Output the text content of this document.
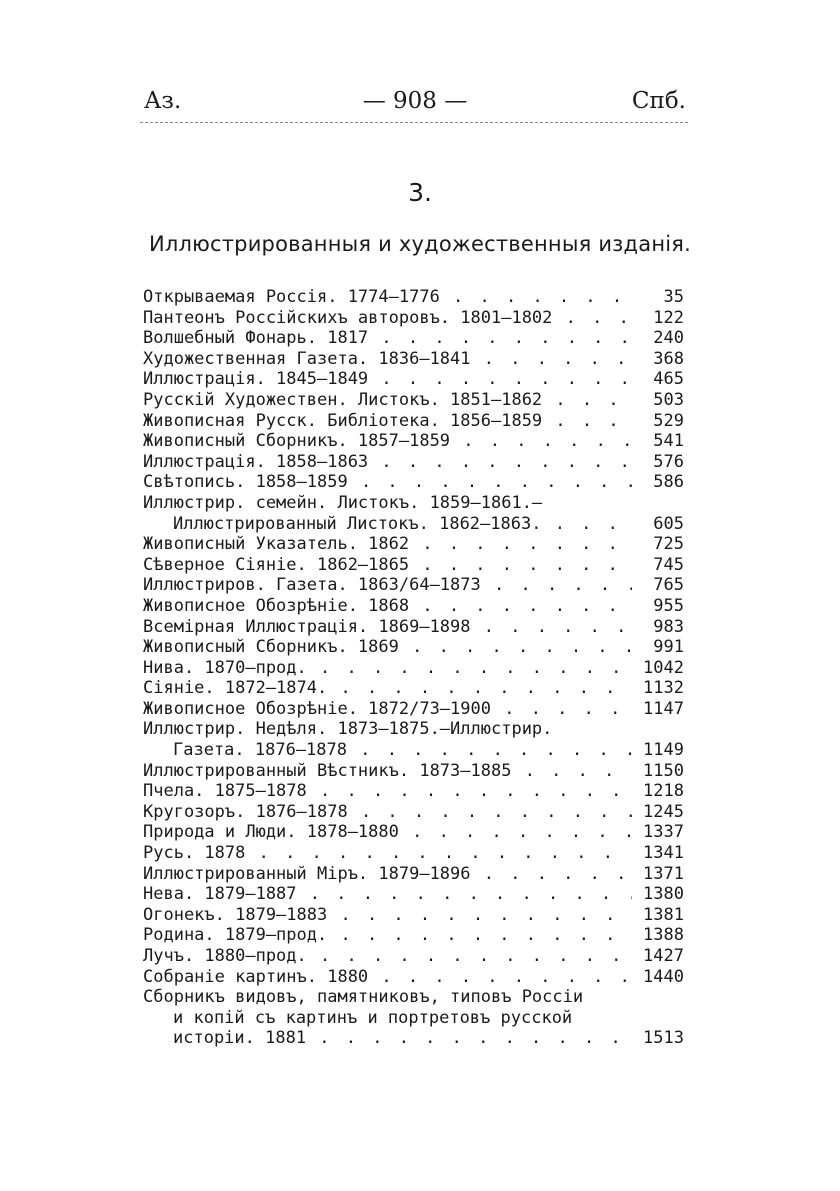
Аз.	— 908 —	Спб.
3.
Иллюстрированныя и художественныя изданія.
Открываемая Россія. 1774—1776 . . .	35
Пантеонъ Россійскихъ авторовъ. 1801—1802 . . .	122
Волшебный Фонарь. 1817 . . .	240
Художественная Газета. 1836—1841 . . .	368
Иллюстрація. 1845—1849 . . .	465
Русскій Художествен. Листокъ. 1851—1862 . . .	503
Живописная Русск. Библіотека. 1856—1859 . . .	529
Живописный Сборникъ. 1857—1859 . . .	541
Иллюстрація. 1858—1863 . . .	576
Свѣтопись. 1858—1859 . . .	586
Иллюстрир. семейн. Листокъ. 1859—1861.—
Иллюстрированный Листокъ. 1862—1863. . . .	605
Живописный Указатель. 1862 . . .	725
Сѣверное Сіяніе. 1862—1865 . . .	745
Иллюстриров. Газета. 1863/64—1873 . . .	765
Живописное Обозрѣніе. 1868 . . .	955
Всемірная Иллюстрація. 1869—1898 . . .	983
Живописный Сборникъ. 1869 . . .	991
Нива. 1870—прод. . . .	1042
Сіяніе. 1872—1874. . . .	1132
Живописное Обозрѣніе. 1872/73—1900 . . .	1147
Иллюстрир. Недѣля. 1873—1875.—Иллюстрир.
Газета. 1876—1878 . . .	1149
Иллюстрированный Вѣстникъ. 1873—1885 . . .	1150
Пчела. 1875—1878 . . .	1218
Кругозоръ. 1876—1878 . . .	1245
Природа и Люди. 1878—1880 . . .	1337
Русь. 1878 . . .	1341
Иллюстрированный Міръ. 1879—1896 . . .	1371
Нева. 1879—1887 . . .	1380
Огонекъ. 1879—1883 . . .	1381
Родина. 1879—прод. . . .	1388
Лучъ. 1880—прод. . . .	1427
Собраніе картинъ. 1880 . . .	1440
Сборникъ видовъ, памятниковъ, типовъ Россіи
и копій съ картинъ и портретовъ русской
исторіи. 1881 . . .	1513
